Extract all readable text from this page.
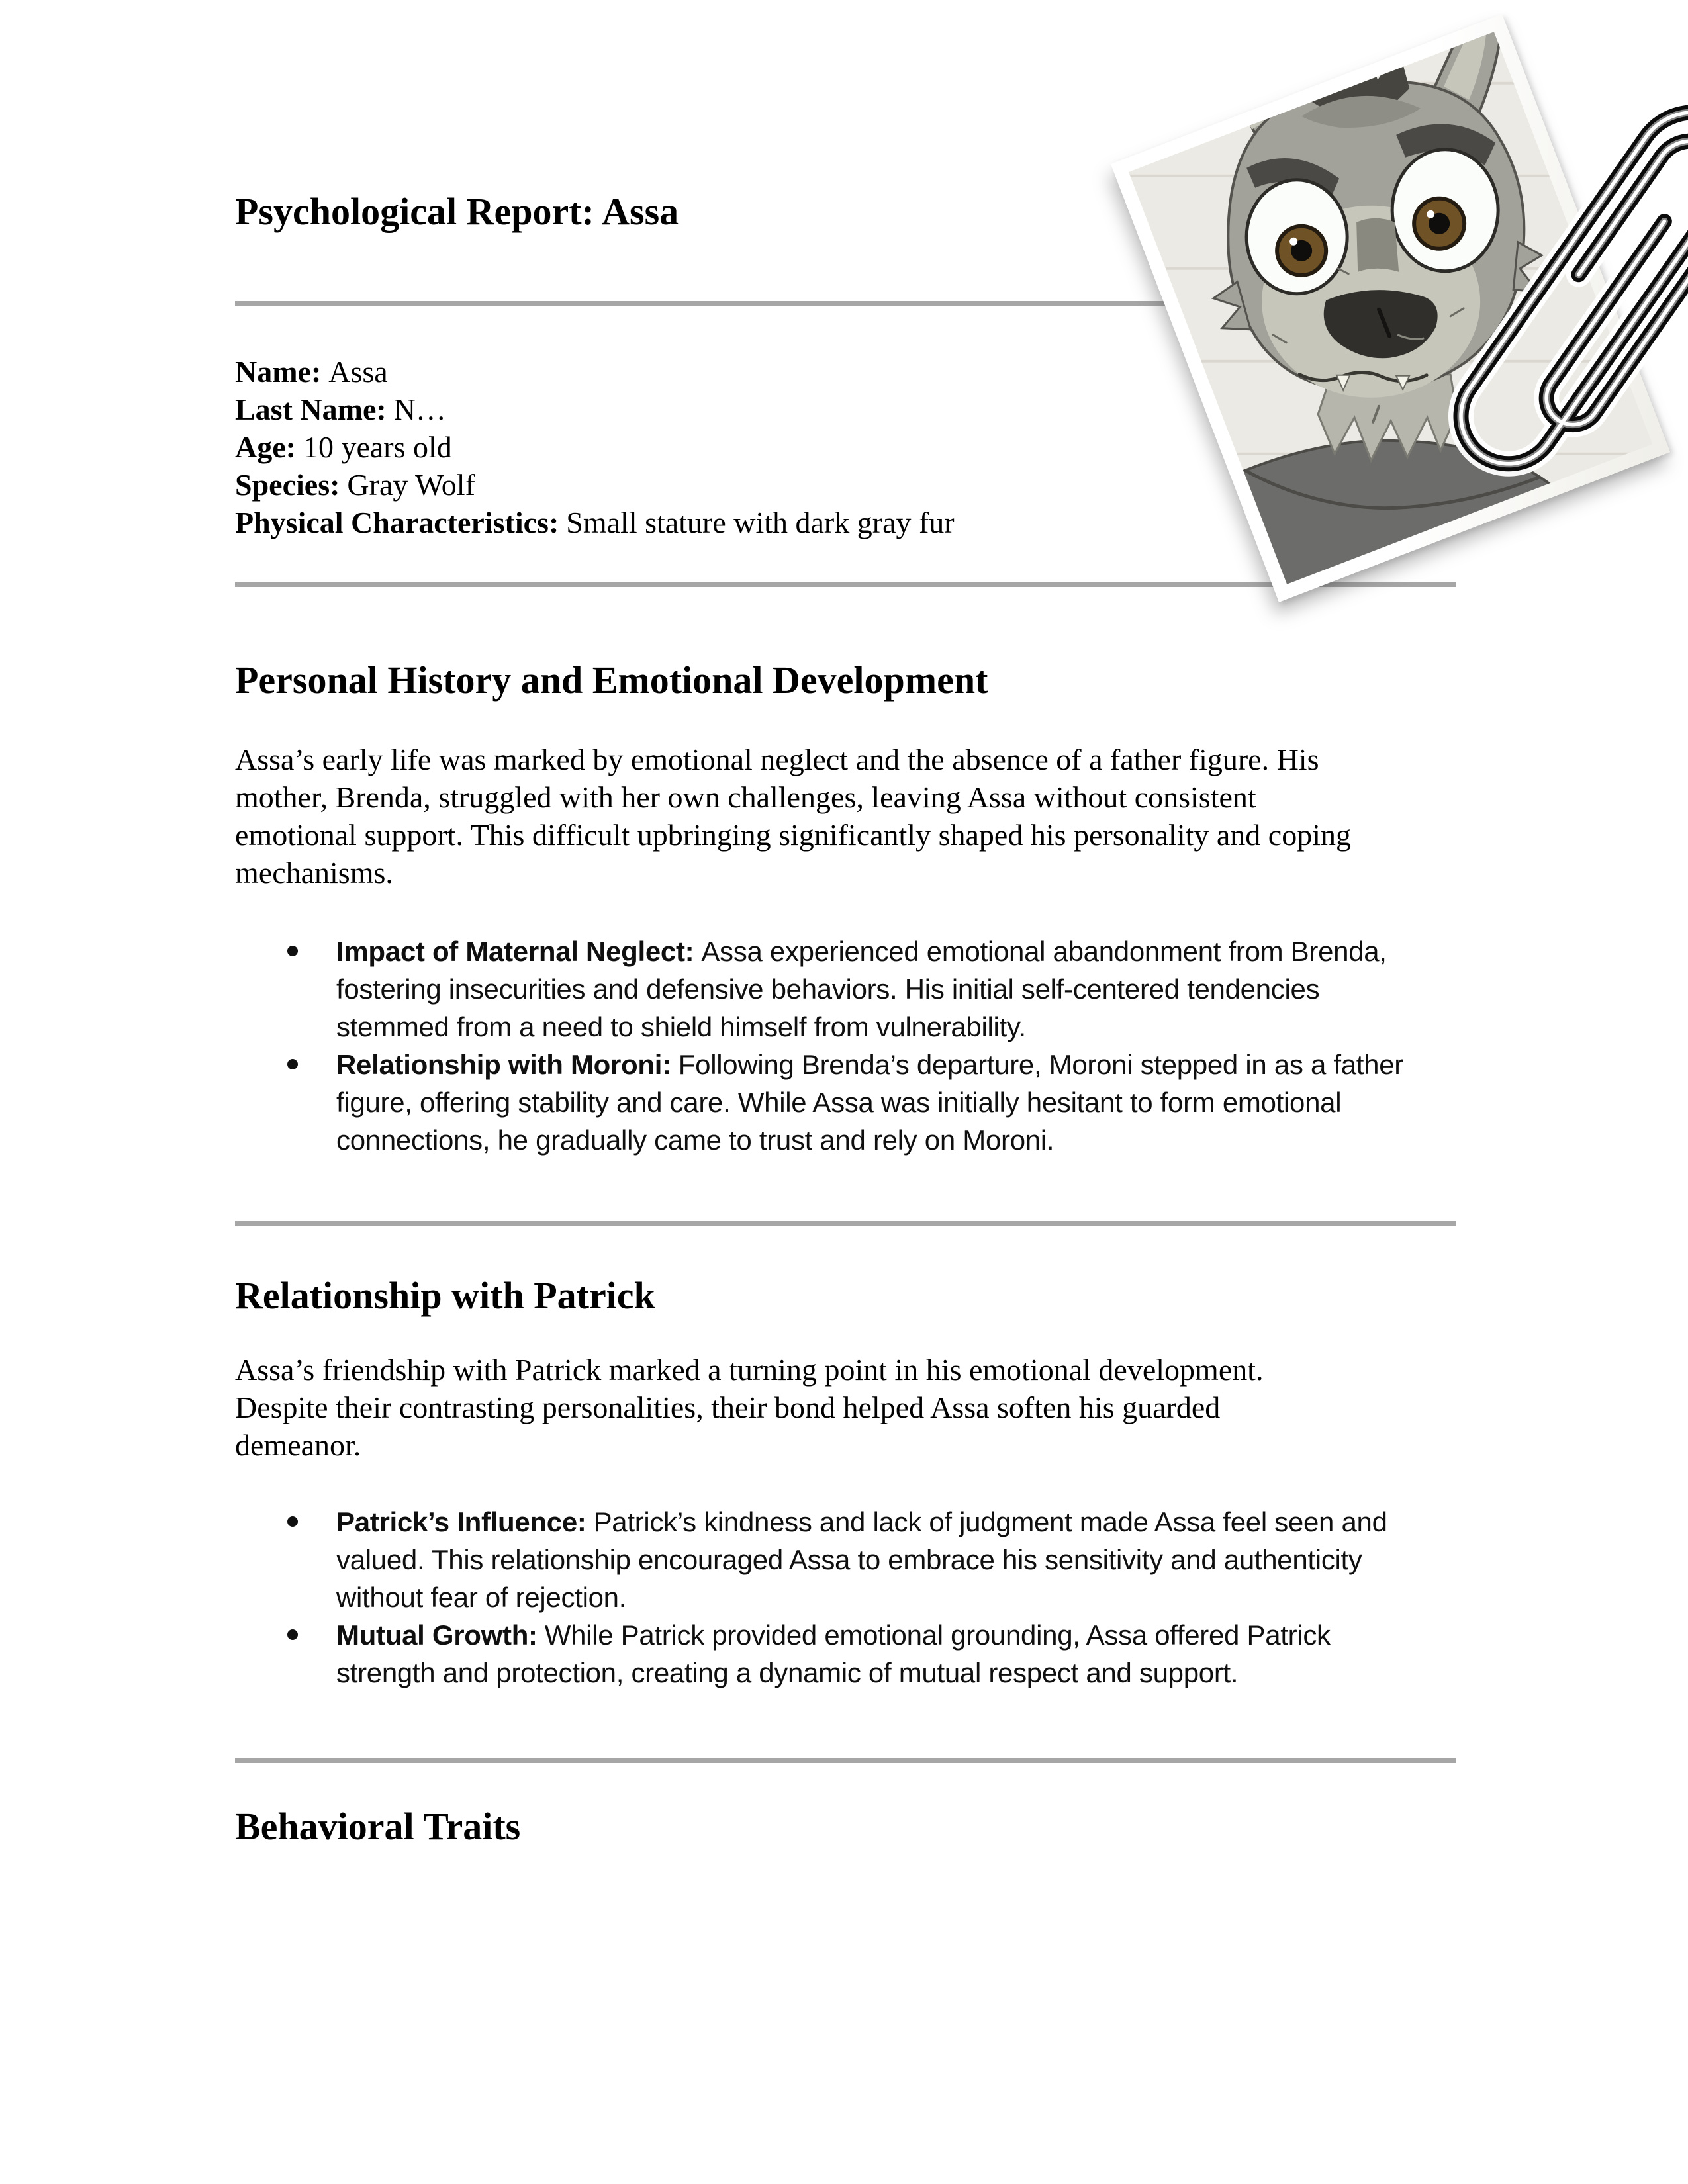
Psychological Report: Assa
Name: Assa
Last Name: N…
Age: 10 years old
Species: Gray Wolf
Physical Characteristics: Small stature with dark gray fur
Personal History and Emotional Development
Assa’s early life was marked by emotional neglect and the absence of a father figure. His
mother, Brenda, struggled with her own challenges, leaving Assa without consistent
emotional support. This difficult upbringing significantly shaped his personality and coping
mechanisms.
Impact of Maternal Neglect: Assa experienced emotional abandonment from Brenda,
fostering insecurities and defensive behaviors. His initial self-centered tendencies
stemmed from a need to shield himself from vulnerability.
Relationship with Moroni: Following Brenda’s departure, Moroni stepped in as a father
figure, offering stability and care. While Assa was initially hesitant to form emotional
connections, he gradually came to trust and rely on Moroni.
Relationship with Patrick
Assa’s friendship with Patrick marked a turning point in his emotional development.
Despite their contrasting personalities, their bond helped Assa soften his guarded
demeanor.
Patrick’s Influence: Patrick’s kindness and lack of judgment made Assa feel seen and
valued. This relationship encouraged Assa to embrace his sensitivity and authenticity
without fear of rejection.
Mutual Growth: While Patrick provided emotional grounding, Assa offered Patrick
strength and protection, creating a dynamic of mutual respect and support.
Behavioral Traits
